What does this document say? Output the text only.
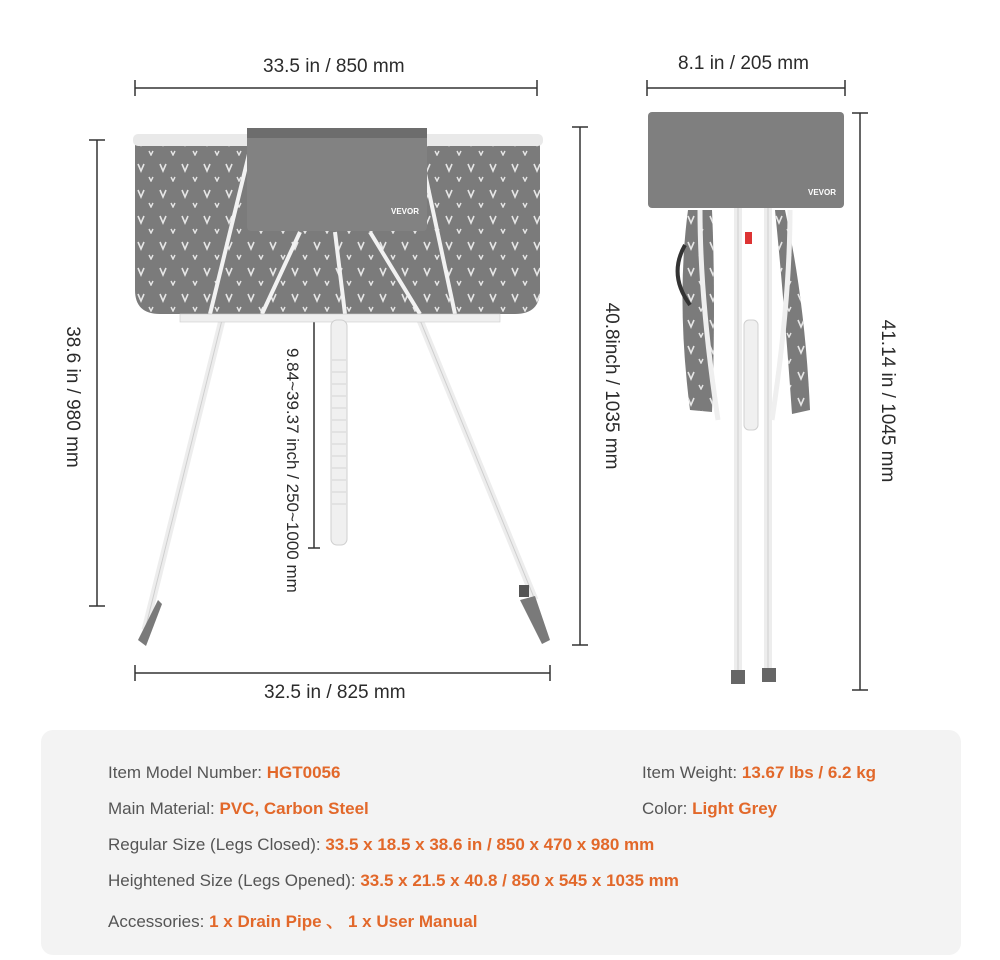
VEVOR
VEVOR
33.5 in / 850 mm
32.5 in / 825 mm
8.1 in / 205 mm
38.6 in / 980 mm	9.84~39.37 inch / 250~1000 mm	40.8inch / 1035 mm	41.14 in / 1045 mm
Item Model Number: HGT0056	Item Weight: 13.67 lbs / 6.2 kg
Main Material: PVC, Carbon Steel	Color: Light Grey
Regular Size (Legs Closed): 33.5 x 18.5 x 38.6 in / 850 x 470 x 980 mm
Heightened Size (Legs Opened): 33.5 x 21.5 x 40.8 / 850 x 545 x 1035 mm
Accessories: 1 x Drain Pipe 、 1 x User Manual
